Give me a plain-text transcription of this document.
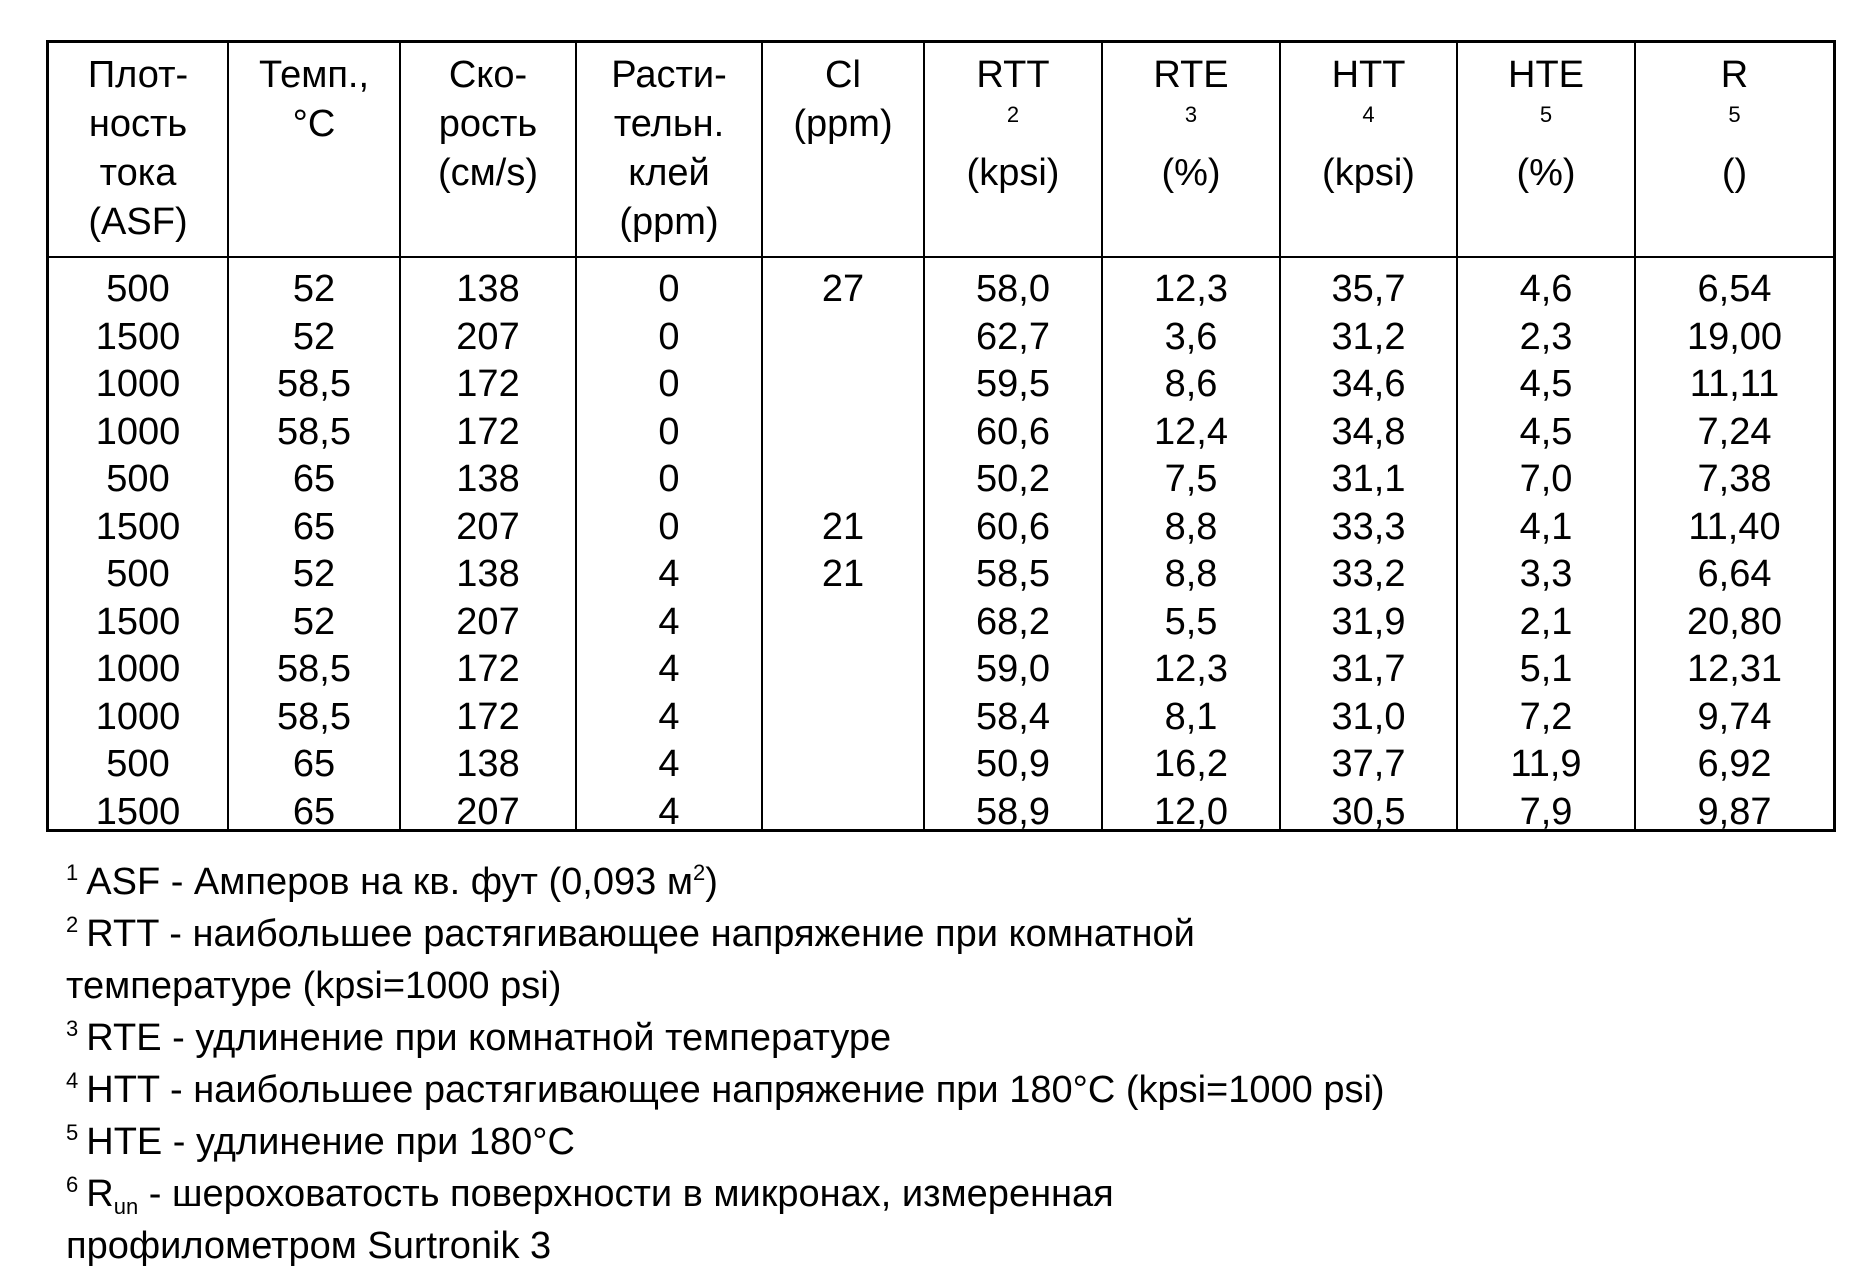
Плот-
ность
тока
(ASF)
Темп.,
°C
Ско-
рость
(см/s)
Расти-
тельн.
клей
(ppm)
Cl
(ppm)
RTT
$^2$
(kpsi)
RTE
$^3$
(%)
HTT
$^4$
(kpsi)
HTE
$^5$
(%)
R
$^5$
()
500
1500
1000
1000
500
1500
500
1500
1000
1000
500
1500
52
52
58,5
58,5
65
65
52
52
58,5
58,5
65
65
138
207
172
172
138
207
138
207
172
172
138
207
0
0
0
0
0
0
4
4
4
4
4
4
27
21
21
58,0
62,7
59,5
60,6
50,2
60,6
58,5
68,2
59,0
58,4
50,9
58,9
12,3
3,6
8,6
12,4
7,5
8,8
8,8
5,5
12,3
8,1
16,2
12,0
35,7
31,2
34,6
34,8
31,1
33,3
33,2
31,9
31,7
31,0
37,7
30,5
4,6
2,3
4,5
4,5
7,0
4,1
3,3
2,1
5,1
7,2
11,9
7,9
6,54
19,00
11,11
7,24
7,38
11,40
6,64
20,80
12,31
9,74
6,92
9,87
$^1$ ASF - Амперов на кв. фут (0,093 $м^2$)
$^2$ RTT - наибольшее растягивающее напряжение при комнатной
температуре (kpsi=1000 psi)
$^3$ RTE - удлинение при комнатной температуре
$^4$ HTT - наибольшее растягивающее напряжение при 180°C (kpsi=1000 psi)
$^5$ HTE - удлинение при 180°C
$^6$ $R_{un}$ - шероховатость поверхности в микронах, измеренная
профилометром Surtronik 3
